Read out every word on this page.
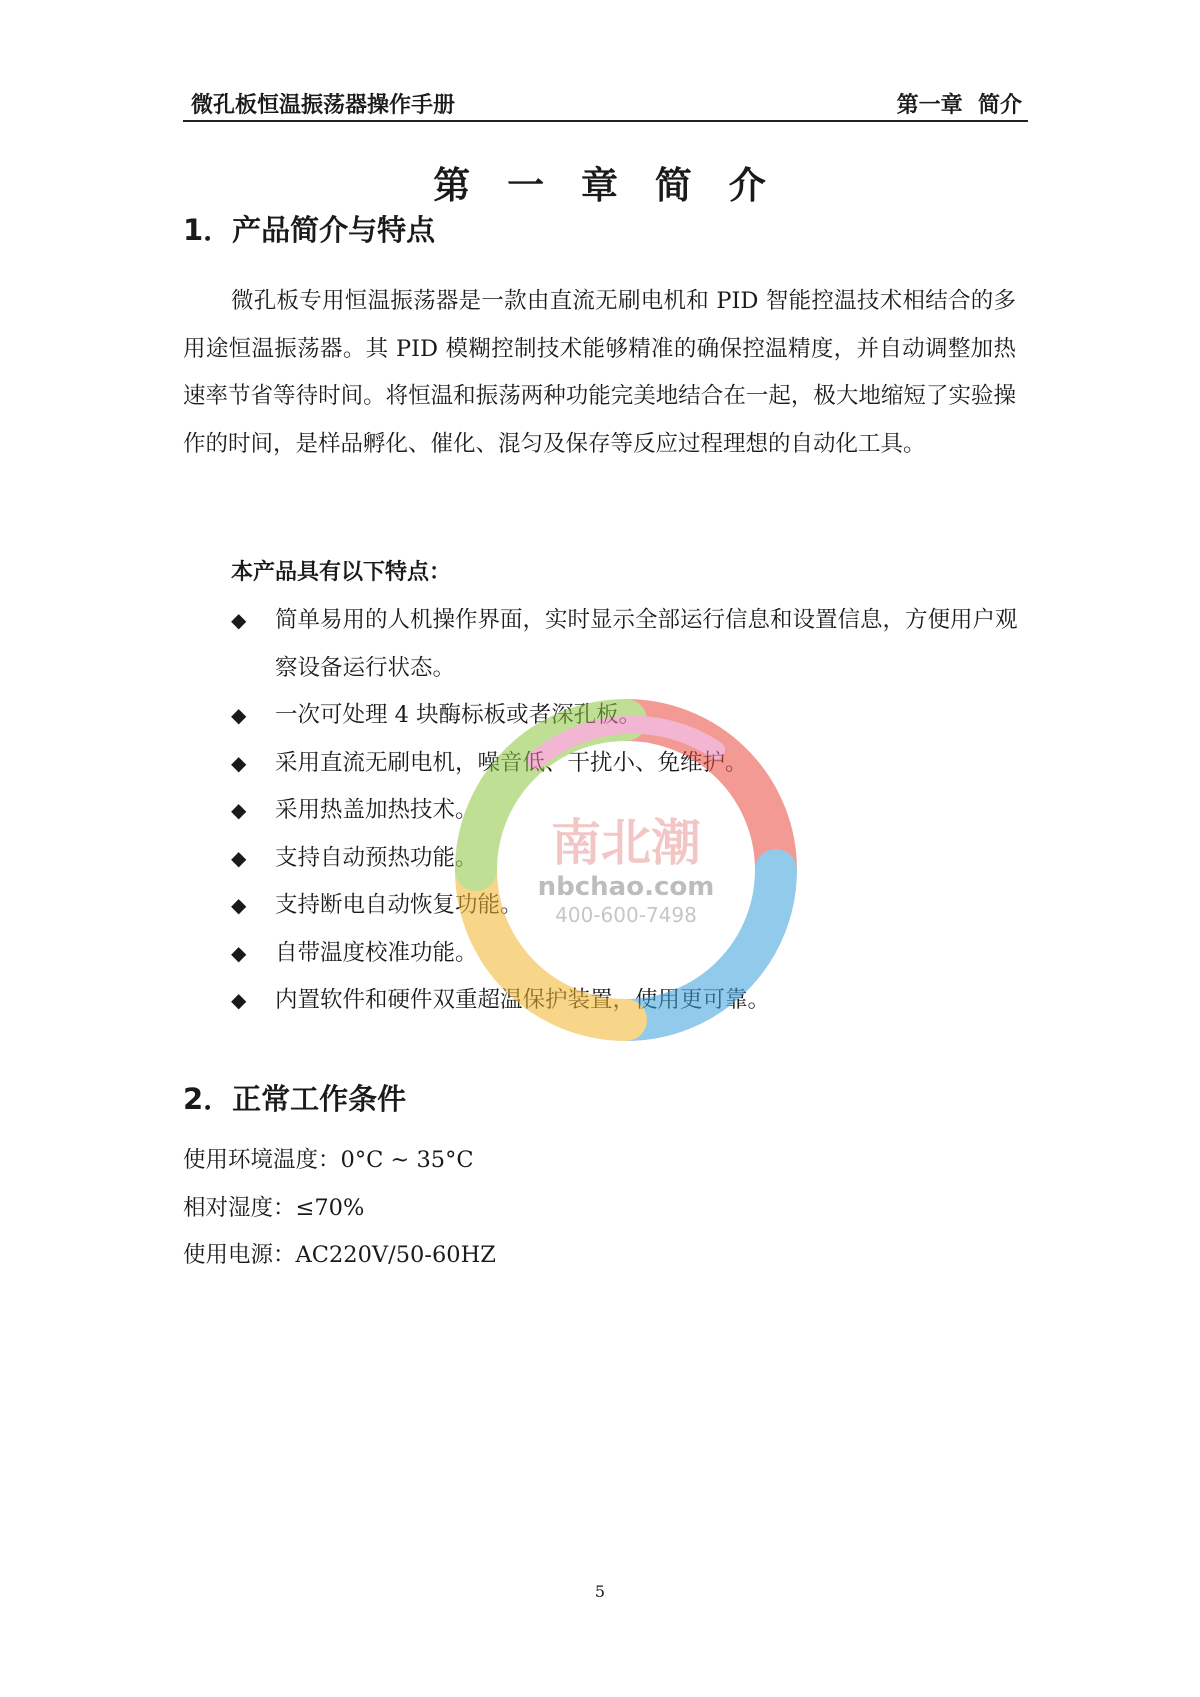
微孔板恒温振荡器操作手册	第一章  简介
第 一 章 简 介
1．产品简介与特点
微孔板专用恒温振荡器是一款由直流无刷电机和 PID 智能控温技术相结合的多用途恒温振荡器。其 PID 模糊控制技术能够精准的确保控温精度，并自动调整加热速率节省等待时间。将恒温和振荡两种功能完美地结合在一起，极大地缩短了实验操作的时间，是样品孵化、催化、混匀及保存等反应过程理想的自动化工具。
本产品具有以下特点：
◆ 简单易用的人机操作界面，实时显示全部运行信息和设置信息，方便用户观察设备运行状态。
◆ 一次可处理 4 块酶标板或者深孔板。
◆ 采用直流无刷电机，噪音低、干扰小、免维护。
◆ 采用热盖加热技术。
◆ 支持自动预热功能。
◆ 支持断电自动恢复功能。
◆ 自带温度校准功能。
◆ 内置软件和硬件双重超温保护装置，使用更可靠。
南北潮
nbchao.com
400-600-7498
2．正常工作条件
使用环境温度：0°C ~ 35°C
相对湿度：≤70%
使用电源：AC220V/50-60HZ
5
